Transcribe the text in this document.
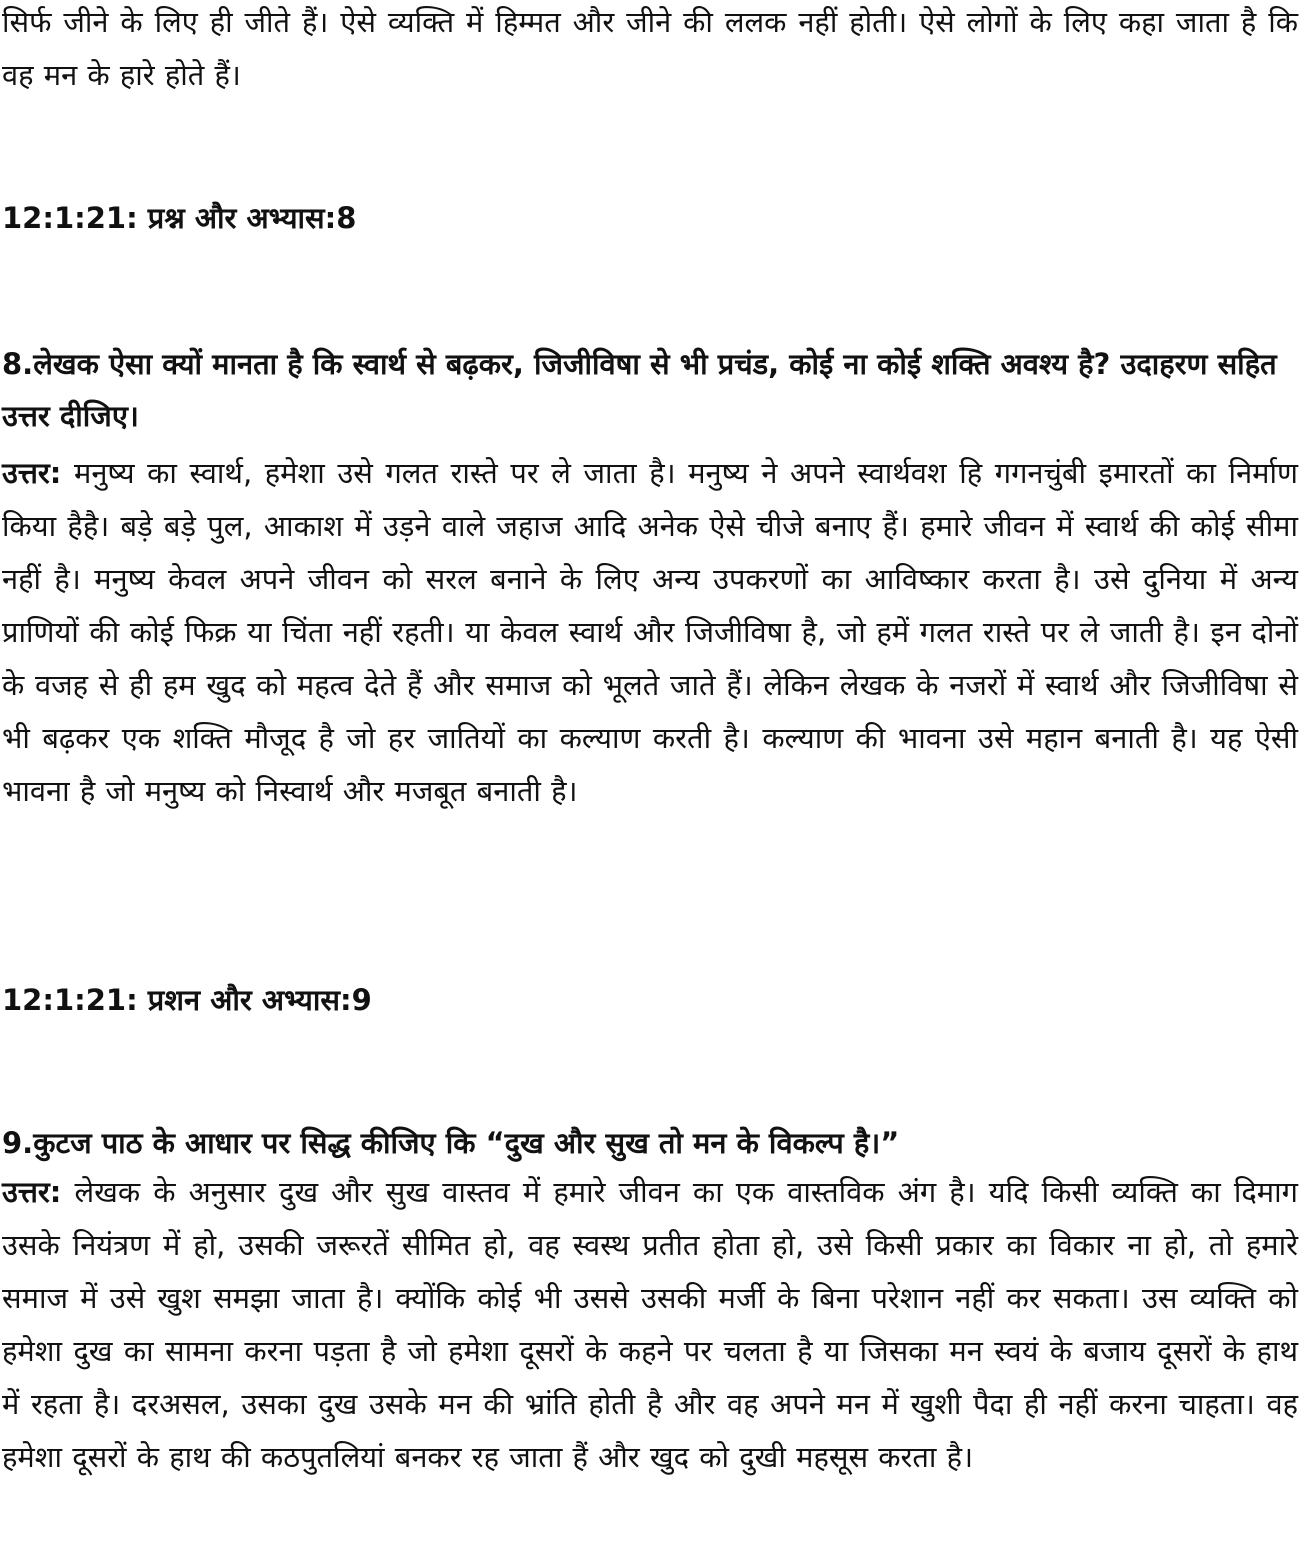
सिर्फ जीने के लिए ही जीते हैं। ऐसे व्यक्ति में हिम्मत और जीने की ललक नहीं होती। ऐसे लोगों के लिए कहा जाता है कि वह मन के हारे होते हैं।

12:1:21: प्रश्न और अभ्यास:8

8.लेखक ऐसा क्यों मानता है कि स्वार्थ से बढ़कर, जिजीविषा से भी प्रचंड, कोई ना कोई शक्ति अवश्य है? उदाहरण सहित उत्तर दीजिए।

उत्तर: मनुष्य का स्वार्थ, हमेशा उसे गलत रास्ते पर ले जाता है। मनुष्य ने अपने स्वार्थवश हि गगनचुंबी इमारतों का निर्माण किया हैहै। बड़े बड़े पुल, आकाश में उड़ने वाले जहाज आदि अनेक ऐसे चीजे बनाए हैं। हमारे जीवन में स्वार्थ की कोई सीमा नहीं है। मनुष्य केवल अपने जीवन को सरल बनाने के लिए अन्य उपकरणों का आविष्कार करता है। उसे दुनिया में अन्य प्राणियों की कोई फिक्र या चिंता नहीं रहती। या केवल स्वार्थ और जिजीविषा है, जो हमें गलत रास्ते पर ले जाती है। इन दोनों के वजह से ही हम खुद को महत्व देते हैं और समाज को भूलते जाते हैं। लेकिन लेखक के नजरों में स्वार्थ और जिजीविषा से भी बढ़कर एक शक्ति मौजूद है जो हर जातियों का कल्याण करती है। कल्याण की भावना उसे महान बनाती है। यह ऐसी भावना है जो मनुष्य को निस्वार्थ और मजबूत बनाती है।

12:1:21: प्रशन और अभ्यास:9

9.कुटज पाठ के आधार पर सिद्ध कीजिए कि “दुख और सुख तो मन के विकल्प है।”

उत्तर: लेखक के अनुसार दुख और सुख वास्तव में हमारे जीवन का एक वास्तविक अंग है। यदि किसी व्यक्ति का दिमाग उसके नियंत्रण में हो, उसकी जरूरतें सीमित हो, वह स्वस्थ प्रतीत होता हो, उसे किसी प्रकार का विकार ना हो, तो हमारे समाज में उसे खुश समझा जाता है। क्योंकि कोई भी उससे उसकी मर्जी के बिना परेशान नहीं कर सकता। उस व्यक्ति को हमेशा दुख का सामना करना पड़ता है जो हमेशा दूसरों के कहने पर चलता है या जिसका मन स्वयं के बजाय दूसरों के हाथ में रहता है। दरअसल, उसका दुख उसके मन की भ्रांति होती है और वह अपने मन में खुशी पैदा ही नहीं करना चाहता। वह हमेशा दूसरों के हाथ की कठपुतलियां बनकर रह जाता हैं और खुद को दुखी महसूस करता है।
